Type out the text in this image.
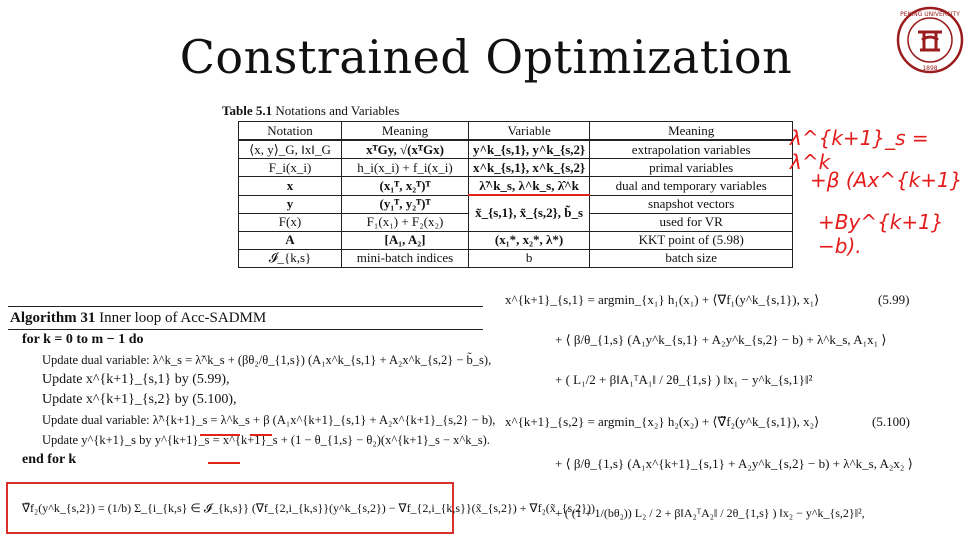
Constrained Optimization
PEKING UNIVERSITY
1898
Table 5.1 Notations and Variables
Notation	Meaning	Variable	Meaning
⟨x, y⟩_G, ‖x‖_G	xᵀGy, √(xᵀGx)	y^k_{s,1}, y^k_{s,2}	extrapolation variables
F_i(x_i)	h_i(x_i) + f_i(x_i)	x^k_{s,1}, x^k_{s,2}	primal variables
x	(x₁ᵀ, x₂ᵀ)ᵀ	λ̃^k_s, λ^k_s, λ̂^k	dual and temporary variables
y	(y₁ᵀ, y₂ᵀ)ᵀ	x̃_{s,1}, x̃_{s,2}, b̃_s	snapshot vectors
F(x)	F₁(x₁) + F₂(x₂)		used for VR
A	[A₁, A₂]	(x₁*, x₂*, λ*)	KKT point of (5.98)
𝓘_{k,s}	mini-batch indices	b	batch size
λ^{k+1}_s = λ^k
+β (Ax^{k+1}
+By^{k+1} −b).
Algorithm 31 Inner loop of Acc-SADMM
for k = 0 to m − 1 do
Update dual variable: λ^k_s = λ̃^k_s + (βθ₂/θ_{1,s}) (A₁x^k_{s,1} + A₂x^k_{s,2} − b̃_s),
Update x^{k+1}_{s,1} by (5.99),
Update x^{k+1}_{s,2} by (5.100),
Update dual variable: λ̃^{k+1}_s = λ^k_s + β (A₁x^{k+1}_{s,1} + A₂x^{k+1}_{s,2} − b),
Update y^{k+1}_s by y^{k+1}_s = x^{k+1}_s + (1 − θ_{1,s} − θ₂)(x^{k+1}_s − x^k_s).
end for k
∇̃f₂(y^k_{s,2}) = (1/b) Σ_{i_{k,s} ∈ 𝓘_{k,s}} (∇f_{2,i_{k,s}}(y^k_{s,2}) − ∇f_{2,i_{k,s}}(x̃_{s,2}) + ∇f₂(x̃_{s,2}))
x^{k+1}_{s,1} = argmin_{x₁} h₁(x₁) + ⟨∇f₁(y^k_{s,1}), x₁⟩	(5.99)
+ ⟨ β/θ_{1,s} (A₁y^k_{s,1} + A₂y^k_{s,2} − b) + λ^k_s, A₁x₁ ⟩
+ ( L₁/2 + β‖A₁ᵀA₁‖ / 2θ_{1,s} ) ‖x₁ − y^k_{s,1}‖²
x^{k+1}_{s,2} = argmin_{x₂} h₂(x₂) + ⟨∇̃f₂(y^k_{s,1}), x₂⟩	(5.100)
+ ⟨ β/θ_{1,s} (A₁x^{k+1}_{s,1} + A₂y^k_{s,2} − b) + λ^k_s, A₂x₂ ⟩
+ ( (1 + 1/(bθ₂)) L₂ / 2 + β‖A₂ᵀA₂‖ / 2θ_{1,s} ) ‖x₂ − y^k_{s,2}‖²,
